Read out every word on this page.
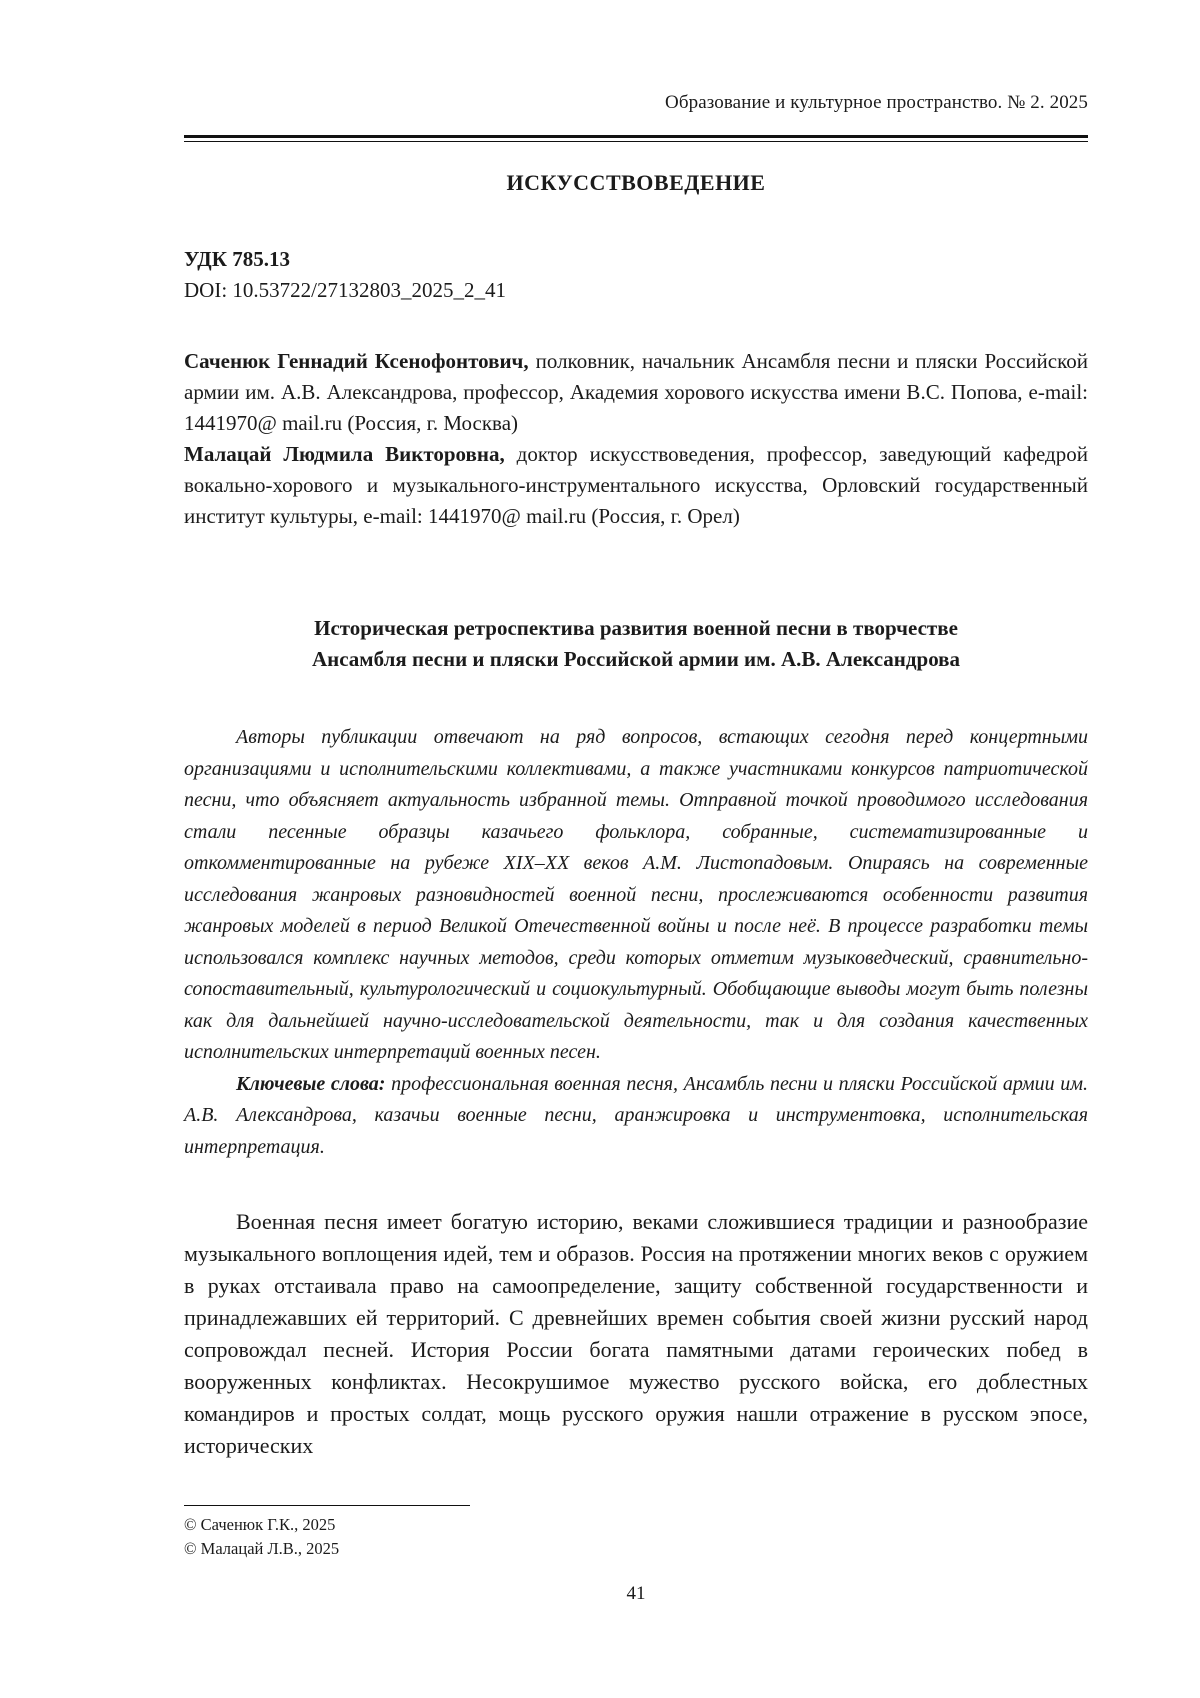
Образование и культурное пространство. № 2. 2025
ИСКУССТВОВЕДЕНИЕ
УДК 785.13
DOI: 10.53722/27132803_2025_2_41

Саченюк Геннадий Ксенофонтович, полковник, начальник Ансамбля песни и пляски Российской армии им. А.В. Александрова, профессор, Академия хорового искусства имени В.С. Попова, e-mail: 1441970@ mail.ru (Россия, г. Москва)

Малацай Людмила Викторовна, доктор искусствоведения, профессор, заведующий кафедрой вокально-хорового и музыкального-инструментального искусства, Орловский государственный институт культуры, e-mail: 1441970@ mail.ru (Россия, г. Орел)

Историческая ретроспектива развития военной песни в творчестве
Ансамбля песни и пляски Российской армии им. А.В. Александрова

Авторы публикации отвечают на ряд вопросов, встающих сегодня перед концертными организациями и исполнительскими коллективами, а также участниками конкурсов патриотической песни, что объясняет актуальность избранной темы. Отправной точкой проводимого исследования стали песенные образцы казачьего фольклора, собранные, систематизированные и откомментированные на рубеже XIX–XX веков А.М. Листопадовым. Опираясь на современные исследования жанровых разновидностей военной песни, прослеживаются особенности развития жанровых моделей в период Великой Отечественной войны и после неё. В процессе разработки темы использовался комплекс научных методов, среди которых отметим музыковедческий, сравнительно-сопоставительный, культурологический и социокультурный. Обобщающие выводы могут быть полезны как для дальнейшей научно-исследовательской деятельности, так и для создания качественных исполнительских интерпретаций военных песен.

Ключевые слова: профессиональная военная песня, Ансамбль песни и пляски Российской армии им. А.В. Александрова, казачьи военные песни, аранжировка и инструментовка, исполнительская интерпретация.

Военная песня имеет богатую историю, веками сложившиеся традиции и разнообразие музыкального воплощения идей, тем и образов. Россия на протяжении многих веков с оружием в руках отстаивала право на самоопределение, защиту собственной государственности и принадлежавших ей территорий. С древнейших времен события своей жизни русский народ сопровождал песней. История России богата памятными датами героических побед в вооруженных конфликтах. Несокрушимое мужество русского войска, его доблестных командиров и простых солдат, мощь русского оружия нашли отражение в русском эпосе, исторических

© Саченюк Г.К., 2025
© Малацай Л.В., 2025
41
